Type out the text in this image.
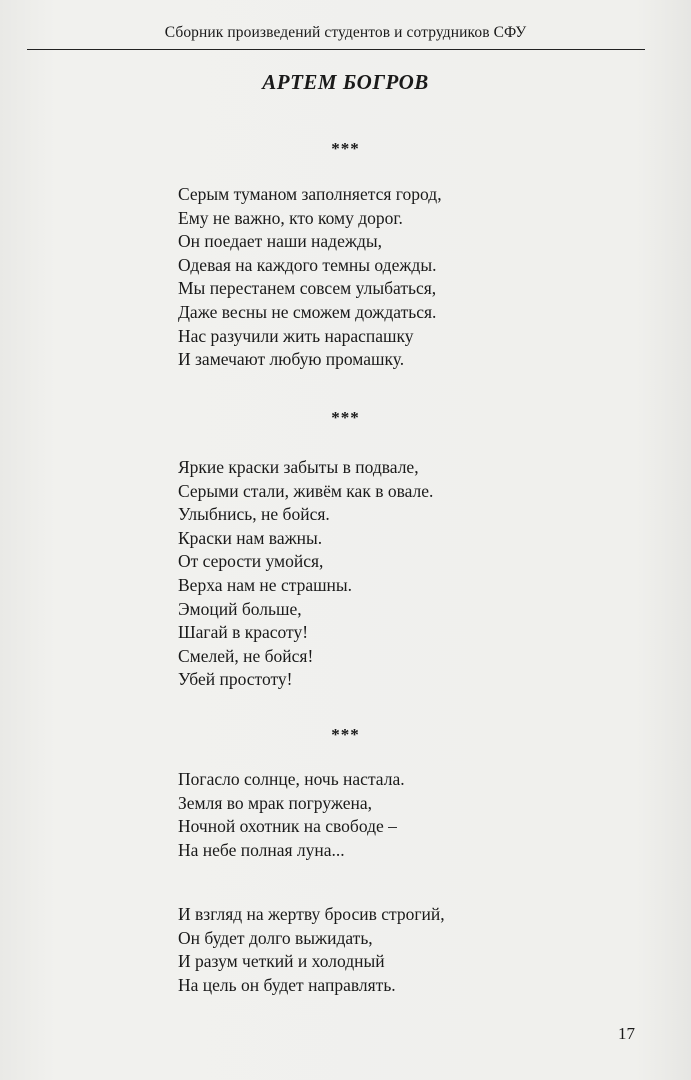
Сборник произведений студентов и сотрудников СФУ
АРТЕМ БОГРОВ
***
Серым туманом заполняется город,
Ему не важно, кто кому дорог.
Он поедает наши надежды,
Одевая на каждого темны одежды.
Мы перестанем совсем улыбаться,
Даже весны не сможем дождаться.
Нас разучили жить нараспашку
И замечают любую промашку.
***
Яркие краски забыты в подвале,
Серыми стали, живём как в овале.
Улыбнись, не бойся.
Краски нам важны.
От серости умойся,
Верха нам не страшны.
Эмоций больше,
Шагай в красоту!
Смелей, не бойся!
Убей простоту!
***
Погасло солнце, ночь настала.
Земля во мрак погружена,
Ночной охотник на свободе –
На небе полная луна...
И взгляд на жертву бросив строгий,
Он будет долго выжидать,
И разум четкий и холодный
На цель он будет направлять.
17
